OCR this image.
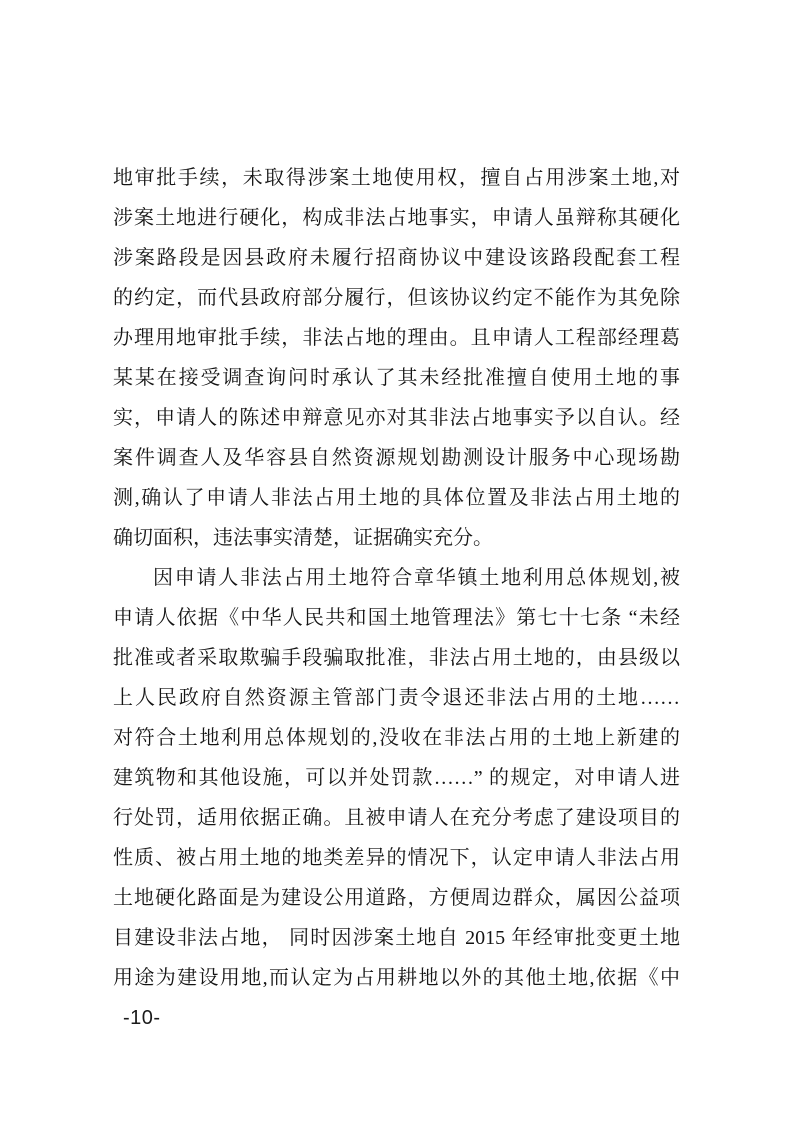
地审批手续，未取得涉案土地使用权，擅自占用涉案土地,对
涉案土地进行硬化，构成非法占地事实，申请人虽辩称其硬化
涉案路段是因县政府未履行招商协议中建设该路段配套工程
的约定，而代县政府部分履行，但该协议约定不能作为其免除
办理用地审批手续，非法占地的理由。且申请人工程部经理葛
某某在接受调查询问时承认了其未经批准擅自使用土地的事
实，申请人的陈述申辩意见亦对其非法占地事实予以自认。经
案件调查人及华容县自然资源规划勘测设计服务中心现场勘
测,确认了申请人非法占用土地的具体位置及非法占用土地的
确切面积，违法事实清楚，证据确实充分。
因申请人非法占用土地符合章华镇土地利用总体规划,被
申请人依据《中华人民共和国土地管理法》第七十七条 “未经
批准或者采取欺骗手段骗取批准，非法占用土地的，由县级以
上人民政府自然资源主管部门责令退还非法占用的土地……
对符合土地利用总体规划的,没收在非法占用的土地上新建的
建筑物和其他设施，可以并处罚款……” 的规定，对申请人进
行处罚，适用依据正确。且被申请人在充分考虑了建设项目的
性质、被占用土地的地类差异的情况下，认定申请人非法占用
土地硬化路面是为建设公用道路，方便周边群众，属因公益项
目建设非法占地， 同时因涉案土地自 2015 年经审批变更土地
用途为建设用地,而认定为占用耕地以外的其他土地,依据《中
-10-
